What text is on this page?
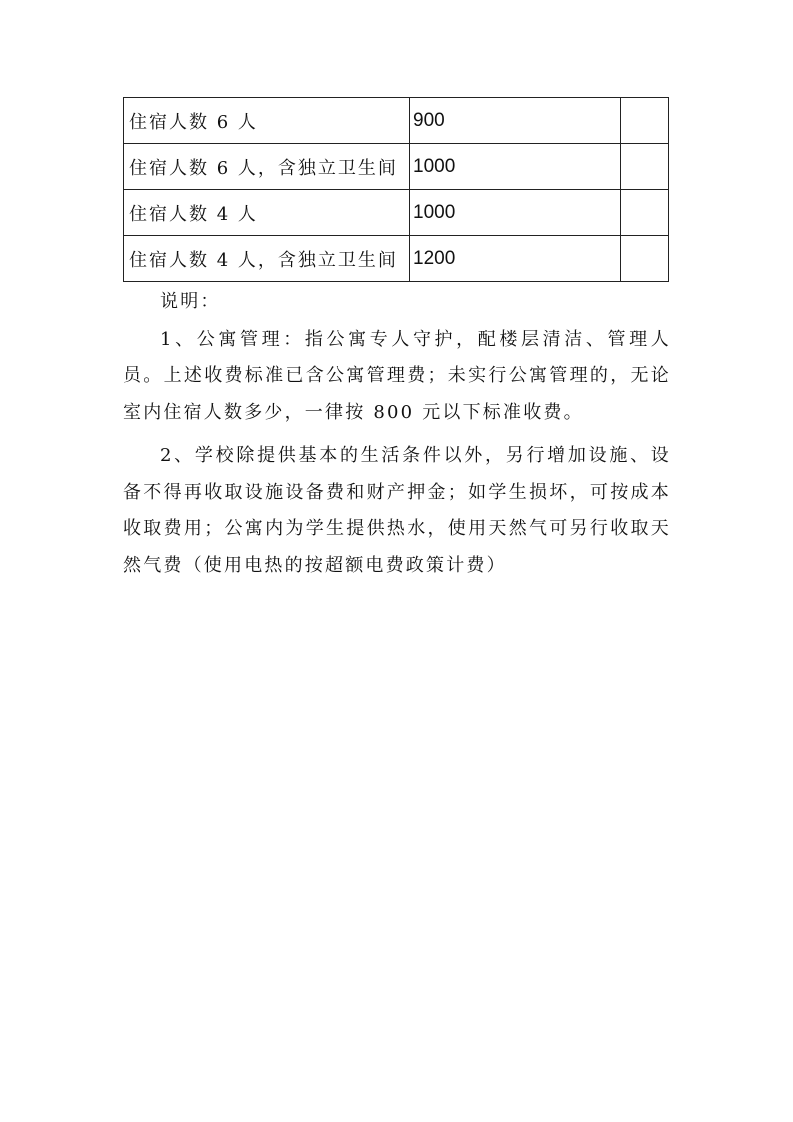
住宿人数 6 人	900	
住宿人数 6 人，含独立卫生间	1000	
住宿人数 4 人	1000	
住宿人数 4 人，含独立卫生间	1200	

说明：

1、公寓管理：指公寓专人守护，配楼层清洁、管理人员。上述收费标准已含公寓管理费；未实行公寓管理的，无论室内住宿人数多少，一律按 800 元以下标准收费。

2、学校除提供基本的生活条件以外，另行增加设施、设备不得再收取设施设备费和财产押金；如学生损坏，可按成本收取费用；公寓内为学生提供热水，使用天然气可另行收取天然气费（使用电热的按超额电费政策计费）
